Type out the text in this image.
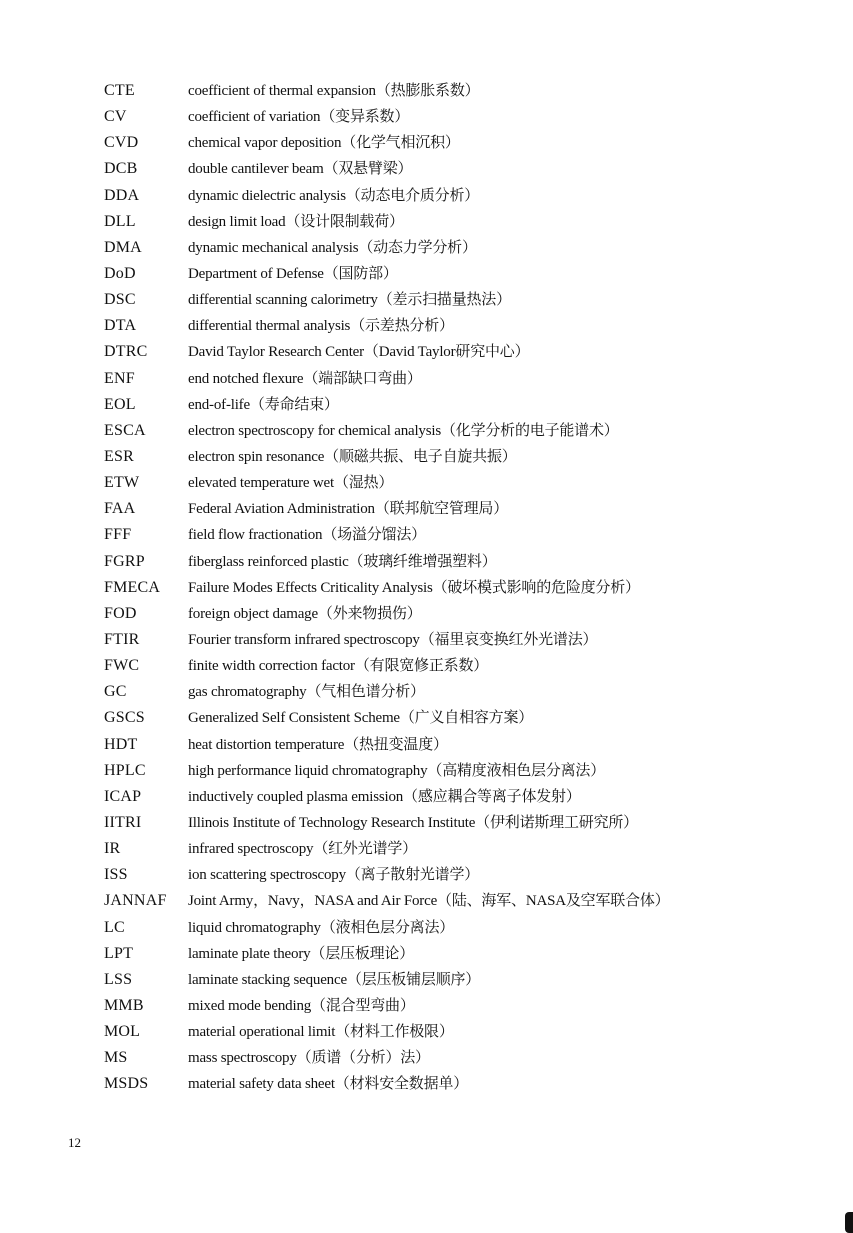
CTE	coefficient of thermal expansion（热膨胀系数）
CV	coefficient of variation（变异系数）
CVD	chemical vapor deposition（化学气相沉积）
DCB	double cantilever beam（双悬臂梁）
DDA	dynamic dielectric analysis（动态电介质分析）
DLL	design limit load（设计限制载荷）
DMA	dynamic mechanical analysis（动态力学分析）
DoD	Department of Defense（国防部）
DSC	differential scanning calorimetry（差示扫描量热法）
DTA	differential thermal analysis（示差热分析）
DTRC	David Taylor Research Center（David Taylor研究中心）
ENF	end notched flexure（端部缺口弯曲）
EOL	end-of-life（寿命结束）
ESCA	electron spectroscopy for chemical analysis（化学分析的电子能谱术）
ESR	electron spin resonance（顺磁共振、电子自旋共振）
ETW	elevated temperature wet（湿热）
FAA	Federal Aviation Administration（联邦航空管理局）
FFF	field flow fractionation（场溢分馏法）
FGRP	fiberglass reinforced plastic（玻璃纤维增强塑料）
FMECA Failure Modes Effects Criticality Analysis（破坏模式影响的危险度分析）
FOD	foreign object damage（外来物损伤）
FTIR	Fourier transform infrared spectroscopy（福里哀变换红外光谱法）
FWC	finite width correction factor（有限宽修正系数）
GC	gas chromatography（气相色谱分析）
GSCS	Generalized Self Consistent Scheme（广义自相容方案）
HDT	heat distortion temperature（热扭变温度）
HPLC	high performance liquid chromatography（高精度液相色层分离法）
ICAP	inductively coupled plasma emission（感应耦合等离子体发射）
IITRI	Illinois Institute of Technology Research Institute（伊利诺斯理工研究所）
IR	infrared spectroscopy（红外光谱学）
ISS	ion scattering spectroscopy（离子散射光谱学）
JANNAF Joint Army，Navy，NASA and Air Force（陆、海军、NASA及空军联合体）
LC	liquid chromatography（液相色层分离法）
LPT	laminate plate theory（层压板理论）
LSS	laminate stacking sequence（层压板铺层顺序）
MMB	mixed mode bending（混合型弯曲）
MOL	material operational limit（材料工作极限）
MS	mass spectroscopy（质谱（分析）法）
MSDS	material safety data sheet（材料安全数据单）
12
